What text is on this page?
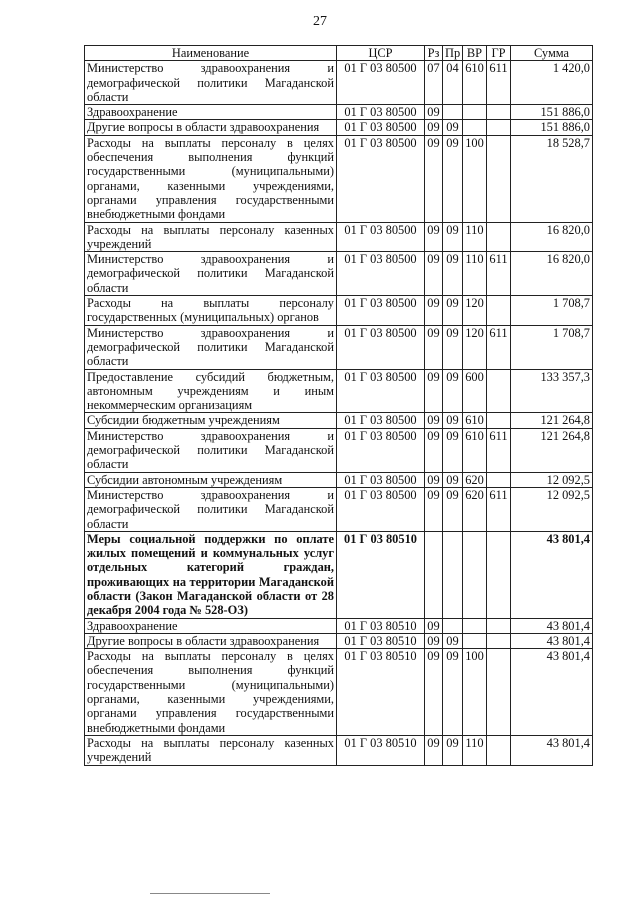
27
Наименование	ЦСР	Рз	Пр	ВР	ГР	Сумма
Министерство здравоохранения и демографической политики Магаданской области	01 Г 03 80500	07	04	610	611	1 420,0
Здравоохранение	01 Г 03 80500	09				151 886,0
Другие вопросы в области здравоохранения	01 Г 03 80500	09	09			151 886,0
Расходы на выплаты персоналу в целях обеспечения выполнения функций государственными (муниципальными) органами, казенными учреждениями, органами управления государственными внебюджетными фондами	01 Г 03 80500	09	09	100		18 528,7
Расходы на выплаты персоналу казенных учреждений	01 Г 03 80500	09	09	110		16 820,0
Министерство здравоохранения и демографической политики Магаданской области	01 Г 03 80500	09	09	110	611	16 820,0
Расходы на выплаты персоналу государственных (муниципальных) органов	01 Г 03 80500	09	09	120		1 708,7
Министерство здравоохранения и демографической политики Магаданской области	01 Г 03 80500	09	09	120	611	1 708,7
Предоставление субсидий бюджетным, автономным учреждениям и иным некоммерческим организациям	01 Г 03 80500	09	09	600		133 357,3
Субсидии бюджетным учреждениям	01 Г 03 80500	09	09	610		121 264,8
Министерство здравоохранения и демографической политики Магаданской области	01 Г 03 80500	09	09	610	611	121 264,8
Субсидии автономным учреждениям	01 Г 03 80500	09	09	620		12 092,5
Министерство здравоохранения и демографической политики Магаданской области	01 Г 03 80500	09	09	620	611	12 092,5
Меры социальной поддержки по оплате жилых помещений и коммунальных услуг отдельных категорий граждан, проживающих на территории Магаданской области (Закон Магаданской области от 28 декабря 2004 года № 528-ОЗ)	01 Г 03 80510					43 801,4
Здравоохранение	01 Г 03 80510	09				43 801,4
Другие вопросы в области здравоохранения	01 Г 03 80510	09	09			43 801,4
Расходы на выплаты персоналу в целях обеспечения выполнения функций государственными (муниципальными) органами, казенными учреждениями, органами управления государственными внебюджетными фондами	01 Г 03 80510	09	09	100		43 801,4
Расходы на выплаты персоналу казенных учреждений	01 Г 03 80510	09	09	110		43 801,4
